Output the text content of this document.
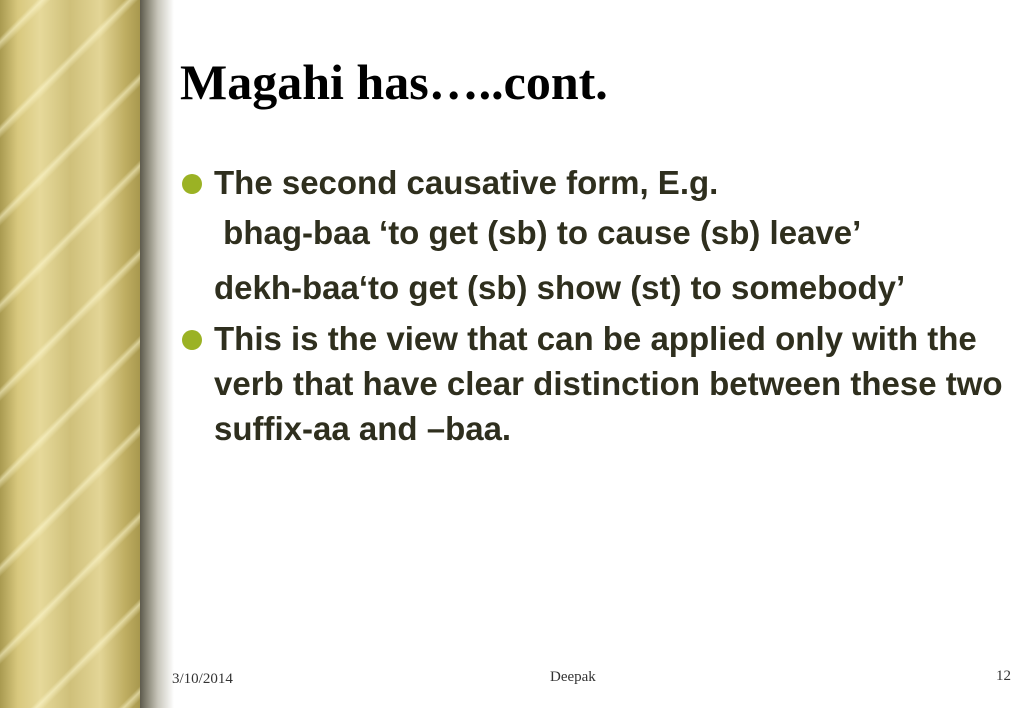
Magahi has…..cont.
The second causative form, E.g.

bhag-baa ‘to get (sb) to cause (sb) leave’

dekh-baa‘to get (sb) show (st) to somebody’

This is the view that can be applied only with the verb that have clear distinction between these two suffix-aa and –baa.
3/10/2014	Deepak	12
